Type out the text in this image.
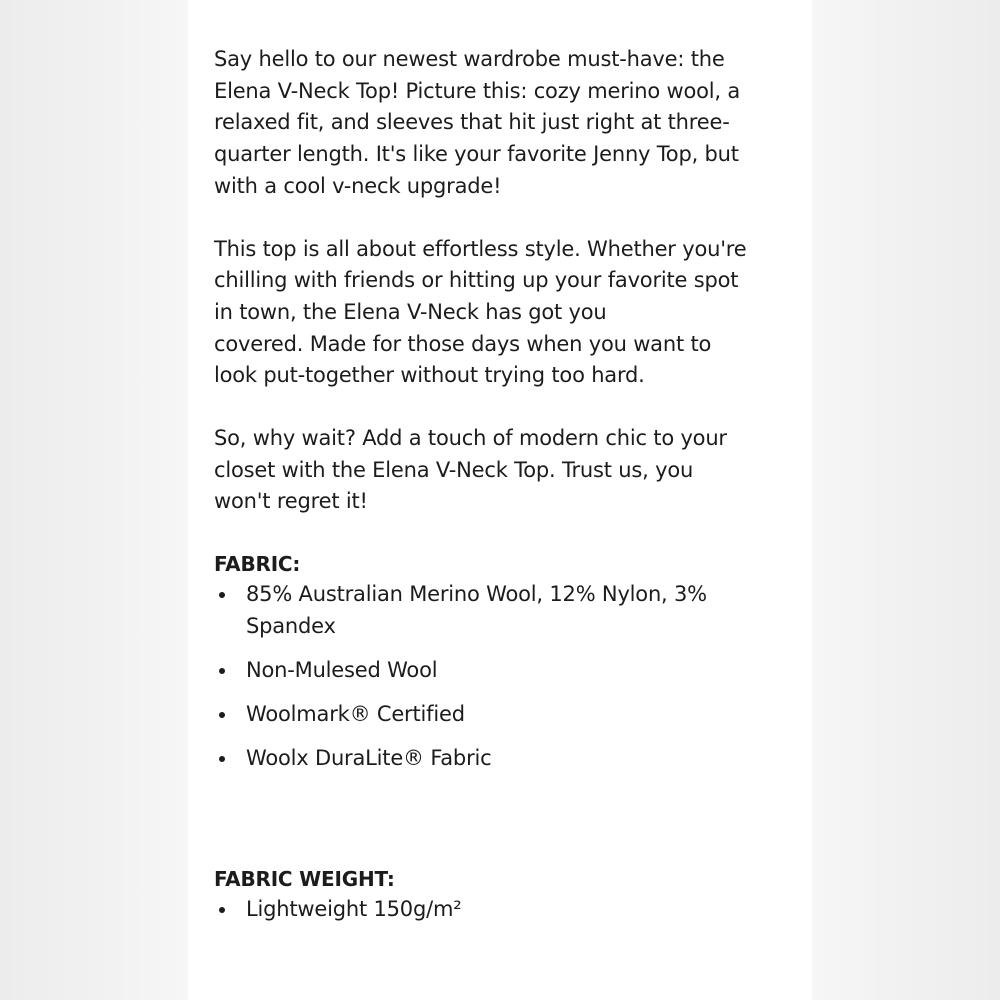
Say hello to our newest wardrobe must-have: the
Elena V-Neck Top! Picture this: cozy merino wool, a
relaxed fit, and sleeves that hit just right at three-
quarter length. It's like your favorite Jenny Top, but
with a cool v-neck upgrade!

This top is all about effortless style. Whether you're
chilling with friends or hitting up your favorite spot
in town, the Elena V-Neck has got you
covered. Made for those days when you want to
look put-together without trying too hard.

So, why wait? Add a touch of modern chic to your
closet with the Elena V-Neck Top. Trust us, you
won't regret it!

FABRIC:
85% Australian Merino Wool, 12% Nylon, 3% Spandex
Non-Mulesed Wool
Woolmark® Certified
Woolx DuraLite® Fabric
FABRIC WEIGHT:
Lightweight 150g/m²
